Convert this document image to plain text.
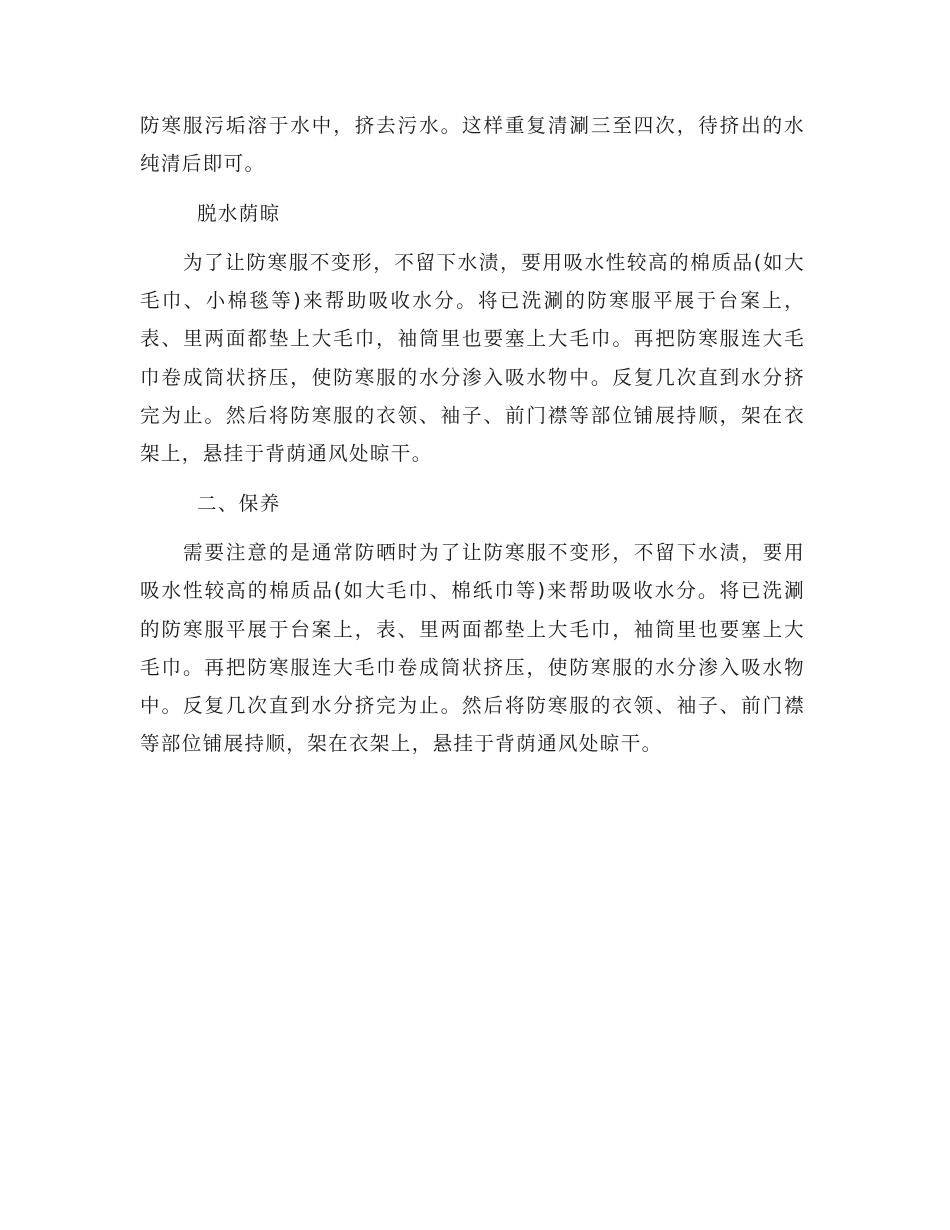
防寒服污垢溶于水中，挤去污水。这样重复清涮三至四次，待挤出的水纯清后即可。

脱水荫晾

为了让防寒服不变形，不留下水渍，要用吸水性较高的棉质品(如大毛巾、小棉毯等)来帮助吸收水分。将已洗涮的防寒服平展于台案上，表、里两面都垫上大毛巾，袖筒里也要塞上大毛巾。再把防寒服连大毛巾卷成筒状挤压，使防寒服的水分渗入吸水物中。反复几次直到水分挤完为止。然后将防寒服的衣领、袖子、前门襟等部位铺展持顺，架在衣架上，悬挂于背荫通风处晾干。

二、保养

需要注意的是通常防晒时为了让防寒服不变形，不留下水渍，要用吸水性较高的棉质品(如大毛巾、棉纸巾等)来帮助吸收水分。将已洗涮的防寒服平展于台案上，表、里两面都垫上大毛巾，袖筒里也要塞上大毛巾。再把防寒服连大毛巾卷成筒状挤压，使防寒服的水分渗入吸水物中。反复几次直到水分挤完为止。然后将防寒服的衣领、袖子、前门襟等部位铺展持顺，架在衣架上，悬挂于背荫通风处晾干。
